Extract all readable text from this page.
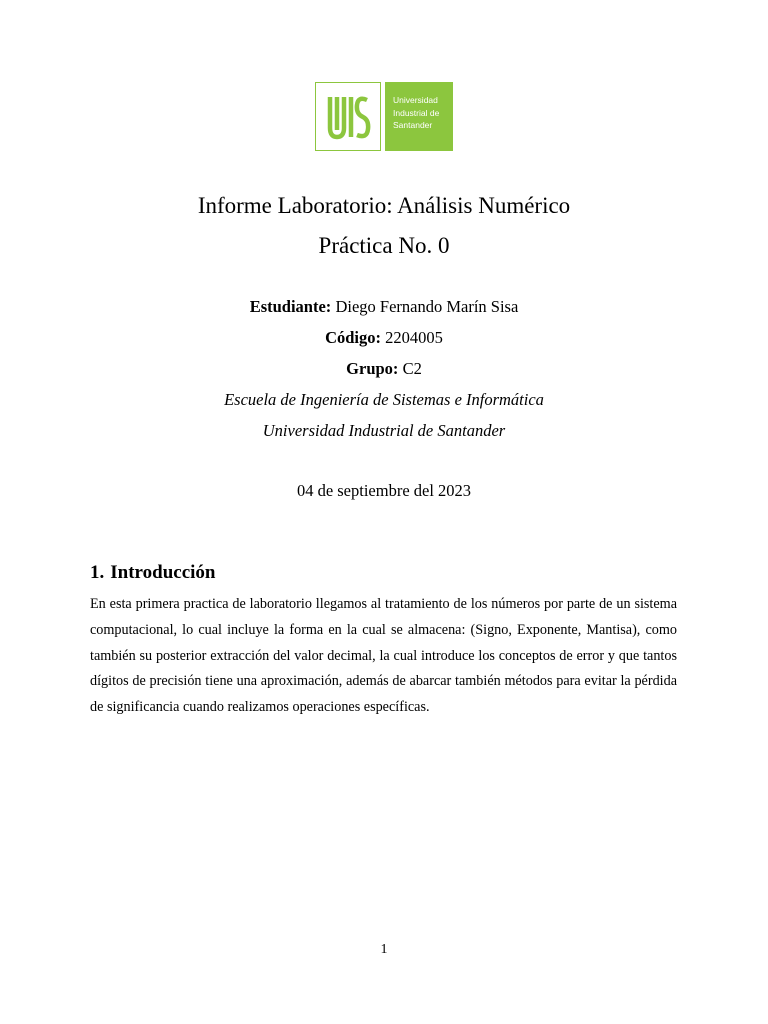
Universidad
Industrial de
Santander
Informe Laboratorio: Análisis Numérico
Práctica No. 0
Estudiante: Diego Fernando Marín Sisa
Código: 2204005
Grupo: C2
Escuela de Ingeniería de Sistemas e Informática
Universidad Industrial de Santander
04 de septiembre del 2023
1. Introducción
En esta primera practica de laboratorio llegamos al tratamiento de los números por parte de un sistema computacional, lo cual incluye la forma en la cual se almacena: (Signo, Exponente, Mantisa), como también su posterior extracción del valor decimal, la cual introduce los conceptos de error y que tantos dígitos de precisión tiene una aproximación, además de abarcar también métodos para evitar la pérdida de significancia cuando realizamos operaciones específicas.
1
